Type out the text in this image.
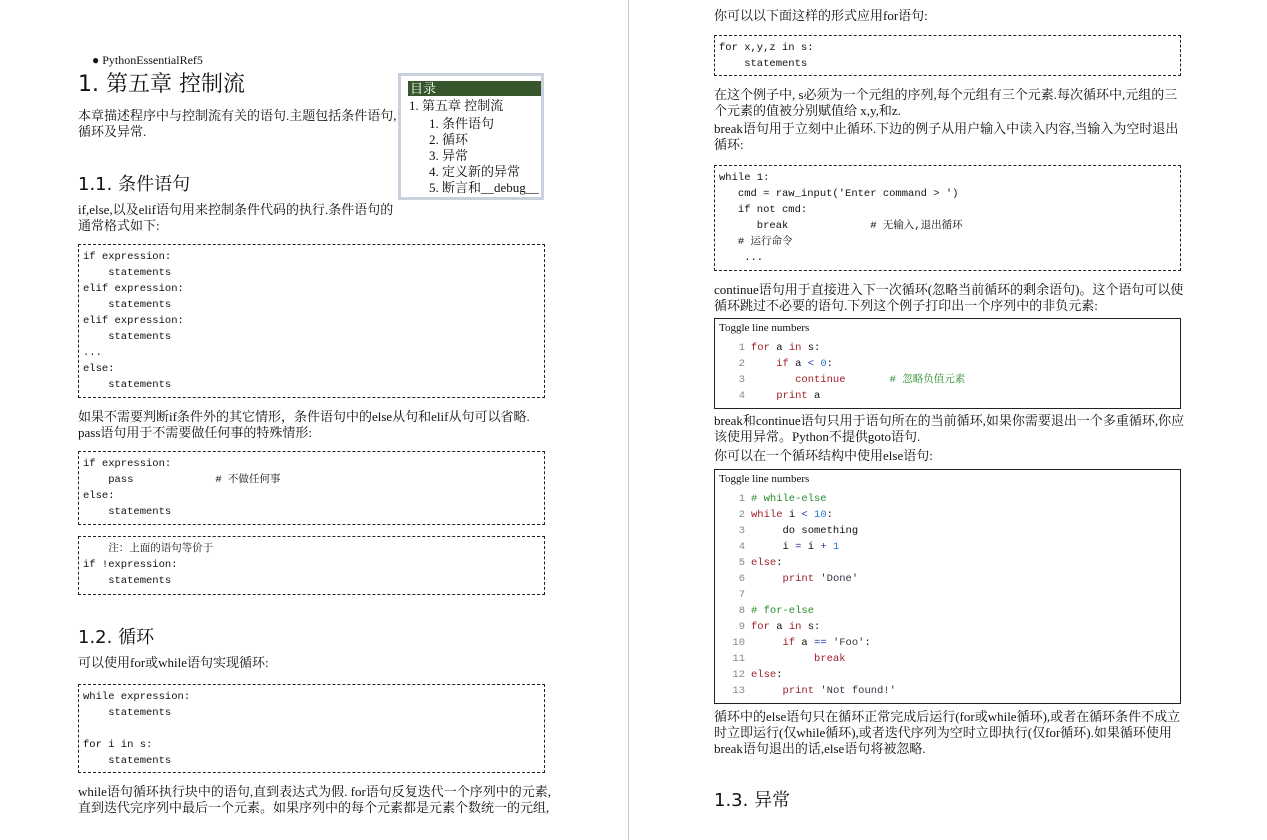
● PythonEssentialRef5
1. 第五章 控制流
本章描述程序中与控制流有关的语句.主题包括条件语句,
循环及异常.
目录
1. 第五章 控制流
1. 条件语句
2. 循环
3. 异常
4. 定义新的异常
5. 断言和__debug__
1.1. 条件语句
if,else,以及elif语句用来控制条件代码的执行.条件语句的
通常格式如下:
if expression:
statements
elif expression:
statements
elif expression:
statements
...
else:
statements
如果不需要判断if条件外的其它情形，条件语句中的else从句和elif从句可以省略.
pass语句用于不需要做任何事的特殊情形:
if expression:
pass             # 不做任何事
else:
statements
注：上面的语句等价于
if !expression:
statements
1.2. 循环
可以使用for或while语句实现循环:
while expression:
statements

for i in s:
statements
while语句循环执行块中的语句,直到表达式为假. for语句反复迭代一个序列中的元素,
直到迭代完序列中最后一个元素。如果序列中的每个元素都是元素个数统一的元组,
你可以以下面这样的形式应用for语句:
for x,y,z in s:
statements
在这个例子中, s必须为一个元组的序列,每个元组有三个元素.每次循环中,元组的三
个元素的值被分别赋值给 x,y,和z.
break语句用于立刻中止循环.下边的例子从用户输入中读入内容,当输入为空时退出
循环:
while 1:
cmd = raw_input('Enter command > ')
if not cmd:
break             # 无输入,退出循环
# 运行命令
...
continue语句用于直接进入下一次循环(忽略当前循环的剩余语句)。这个语句可以使
循环跳过不必要的语句.下列这个例子打印出一个序列中的非负元素:
Toggle line numbers
1 for a in s:
2	if a < 0:
3	continue	# 忽略负值元素
4	print a
break和continue语句只用于语句所在的当前循环,如果你需要退出一个多重循环,你应
该使用异常。Python不提供goto语句.
你可以在一个循环结构中使用else语句:
Toggle line numbers
1 # while-else
2 while i < 10:
3     do something
4     i = i + 1
5 else:
6	print 'Done'
7
8 # for-else
9 for a in s:
10	if a == 'Foo':
11	break
12 else:
13	print 'Not found!'
循环中的else语句只在循环正常完成后运行(for或while循环),或者在循环条件不成立
时立即运行(仅while循环),或者迭代序列为空时立即执行(仅for循环).如果循环使用
break语句退出的话,else语句将被忽略.
1.3. 异常
